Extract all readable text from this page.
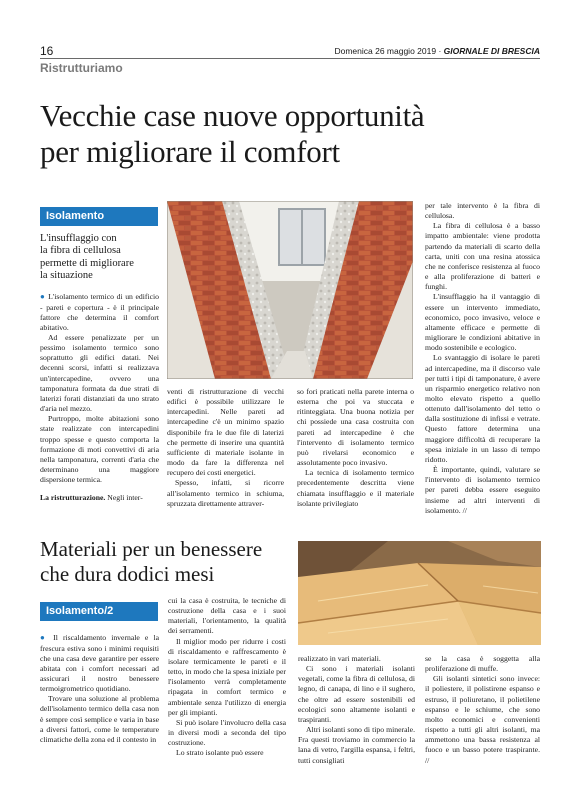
16	Domenica 26 maggio 2019 · GIORNALE DI BRESCIA
Ristrutturiamo
Vecchie case nuove opportunità
per migliorare il comfort
Isolamento
L'insufflaggio con
la fibra di cellulosa
permette di migliorare
la situazione

● L'isolamento termico di un edificio - pareti e copertura - è il principale fattore che determina il comfort abitativo.

Ad essere penalizzate per un pessimo isolamento termico sono soprattutto gli edifici datati. Nei decenni scorsi, infatti si realizzava un'intercapedine, ovvero una tamponatura formata da due strati di laterizi forati distanziati da uno strato d'aria nel mezzo.

Purtroppo, molte abitazioni sono state realizzate con intercapedini troppo spesse e questo comporta la formazione di moti convettivi di aria nella tamponatura, correnti d'aria che determinano una maggiore dispersione termica.

La ristrutturazione. Negli inter-

venti di ristrutturazione di vecchi edifici è possibile utilizzare le intercapedini. Nelle pareti ad intercapedine c'è un minimo spazio disponibile fra le due file di laterizi che permette di inserire una quantità sufficiente di materiale isolante in modo da fare la differenza nel recupero dei costi energetici.

Spesso, infatti, si ricorre all'isolamento termico in schiuma, spruzzata direttamente attraver-

so fori praticati nella parete interna o esterna che poi va stuccata e ritinteggiata. Una buona notizia per chi possiede una casa costruita con pareti ad intercapedine è che l'intervento di isolamento termico può rivelarsi economico e assolutamente poco invasivo.

La tecnica di isolamento termico precedentemente descritta viene chiamata insufflaggio e il materiale isolante privilegiato

per tale intervento è la fibra di cellulosa.

La fibra di cellulosa è a basso impatto ambientale: viene prodotta partendo da materiali di scarto della carta, uniti con una resina atossica che ne conferisce resistenza al fuoco e alla proliferazione di batteri e funghi.

L'insufflaggio ha il vantaggio di essere un intervento immediato, economico, poco invasivo, veloce e altamente efficace e permette di migliorare le condizioni abitative in modo sostenibile e ecologico.

Lo svantaggio di isolare le pareti ad intercapedine, ma il discorso vale per tutti i tipi di tamponature, è avere un risparmio energetico relativo non molto elevato rispetto a quello ottenuto dall'isolamento del tetto o dalla sostituzione di infissi e vetrate. Questo fattore determina una maggiore difficoltà di recuperare la spesa iniziale in un lasso di tempo ridotto.

È importante, quindi, valutare se l'intervento di isolamento termico per pareti debba essere eseguito insieme ad altri interventi di isolamento. //

Materiali per un benessere
che dura dodici mesi
Isolamento/2

● Il riscaldamento invernale e la frescura estiva sono i minimi requisiti che una casa deve garantire per essere abitata con i comfort necessari ad assicurari il nostro benessere termoigrometrico quotidiano.

Trovare una soluzione al problema dell'isolamento termico della casa non è sempre così semplice e varia in base a diversi fattori, come le temperature climatiche della zona ed il contesto in

cui la casa è costruita, le tecniche di costruzione della casa e i suoi materiali, l'orientamento, la qualità dei serramenti.

Il miglior modo per ridurre i costi di riscaldamento e raffrescamento è isolare termicamente le pareti e il tetto, in modo che la spesa iniziale per l'isolamento verrà completamente ripagata in comfort termico e ambientale senza l'utilizzo di energia per gli impianti.

Si può isolare l'involucro della casa in diversi modi a seconda del tipo costruzione.

Lo strato isolante può essere

realizzato in vari materiali.

Ci sono i materiali isolanti vegetali, come la fibra di cellulosa, di legno, di canapa, di lino e il sughero, che oltre ad essere sostenibili ed ecologici sono altamente isolanti e traspiranti.

Altri isolanti sono di tipo minerale. Fra questi troviamo in commercio la lana di vetro, l'argilla espansa, i feltri, tutti consigliati

se la casa è soggetta alla proliferazione di muffe.

Gli isolanti sintetici sono invece: il poliestere, il polistirene espanso e estruso, il poliuretano, il polietilene espanso e le schiume, che sono molto economici e convenienti rispetto a tutti gli altri isolanti, ma ammettono una bassa resistenza al fuoco e un basso potere traspirante. //
